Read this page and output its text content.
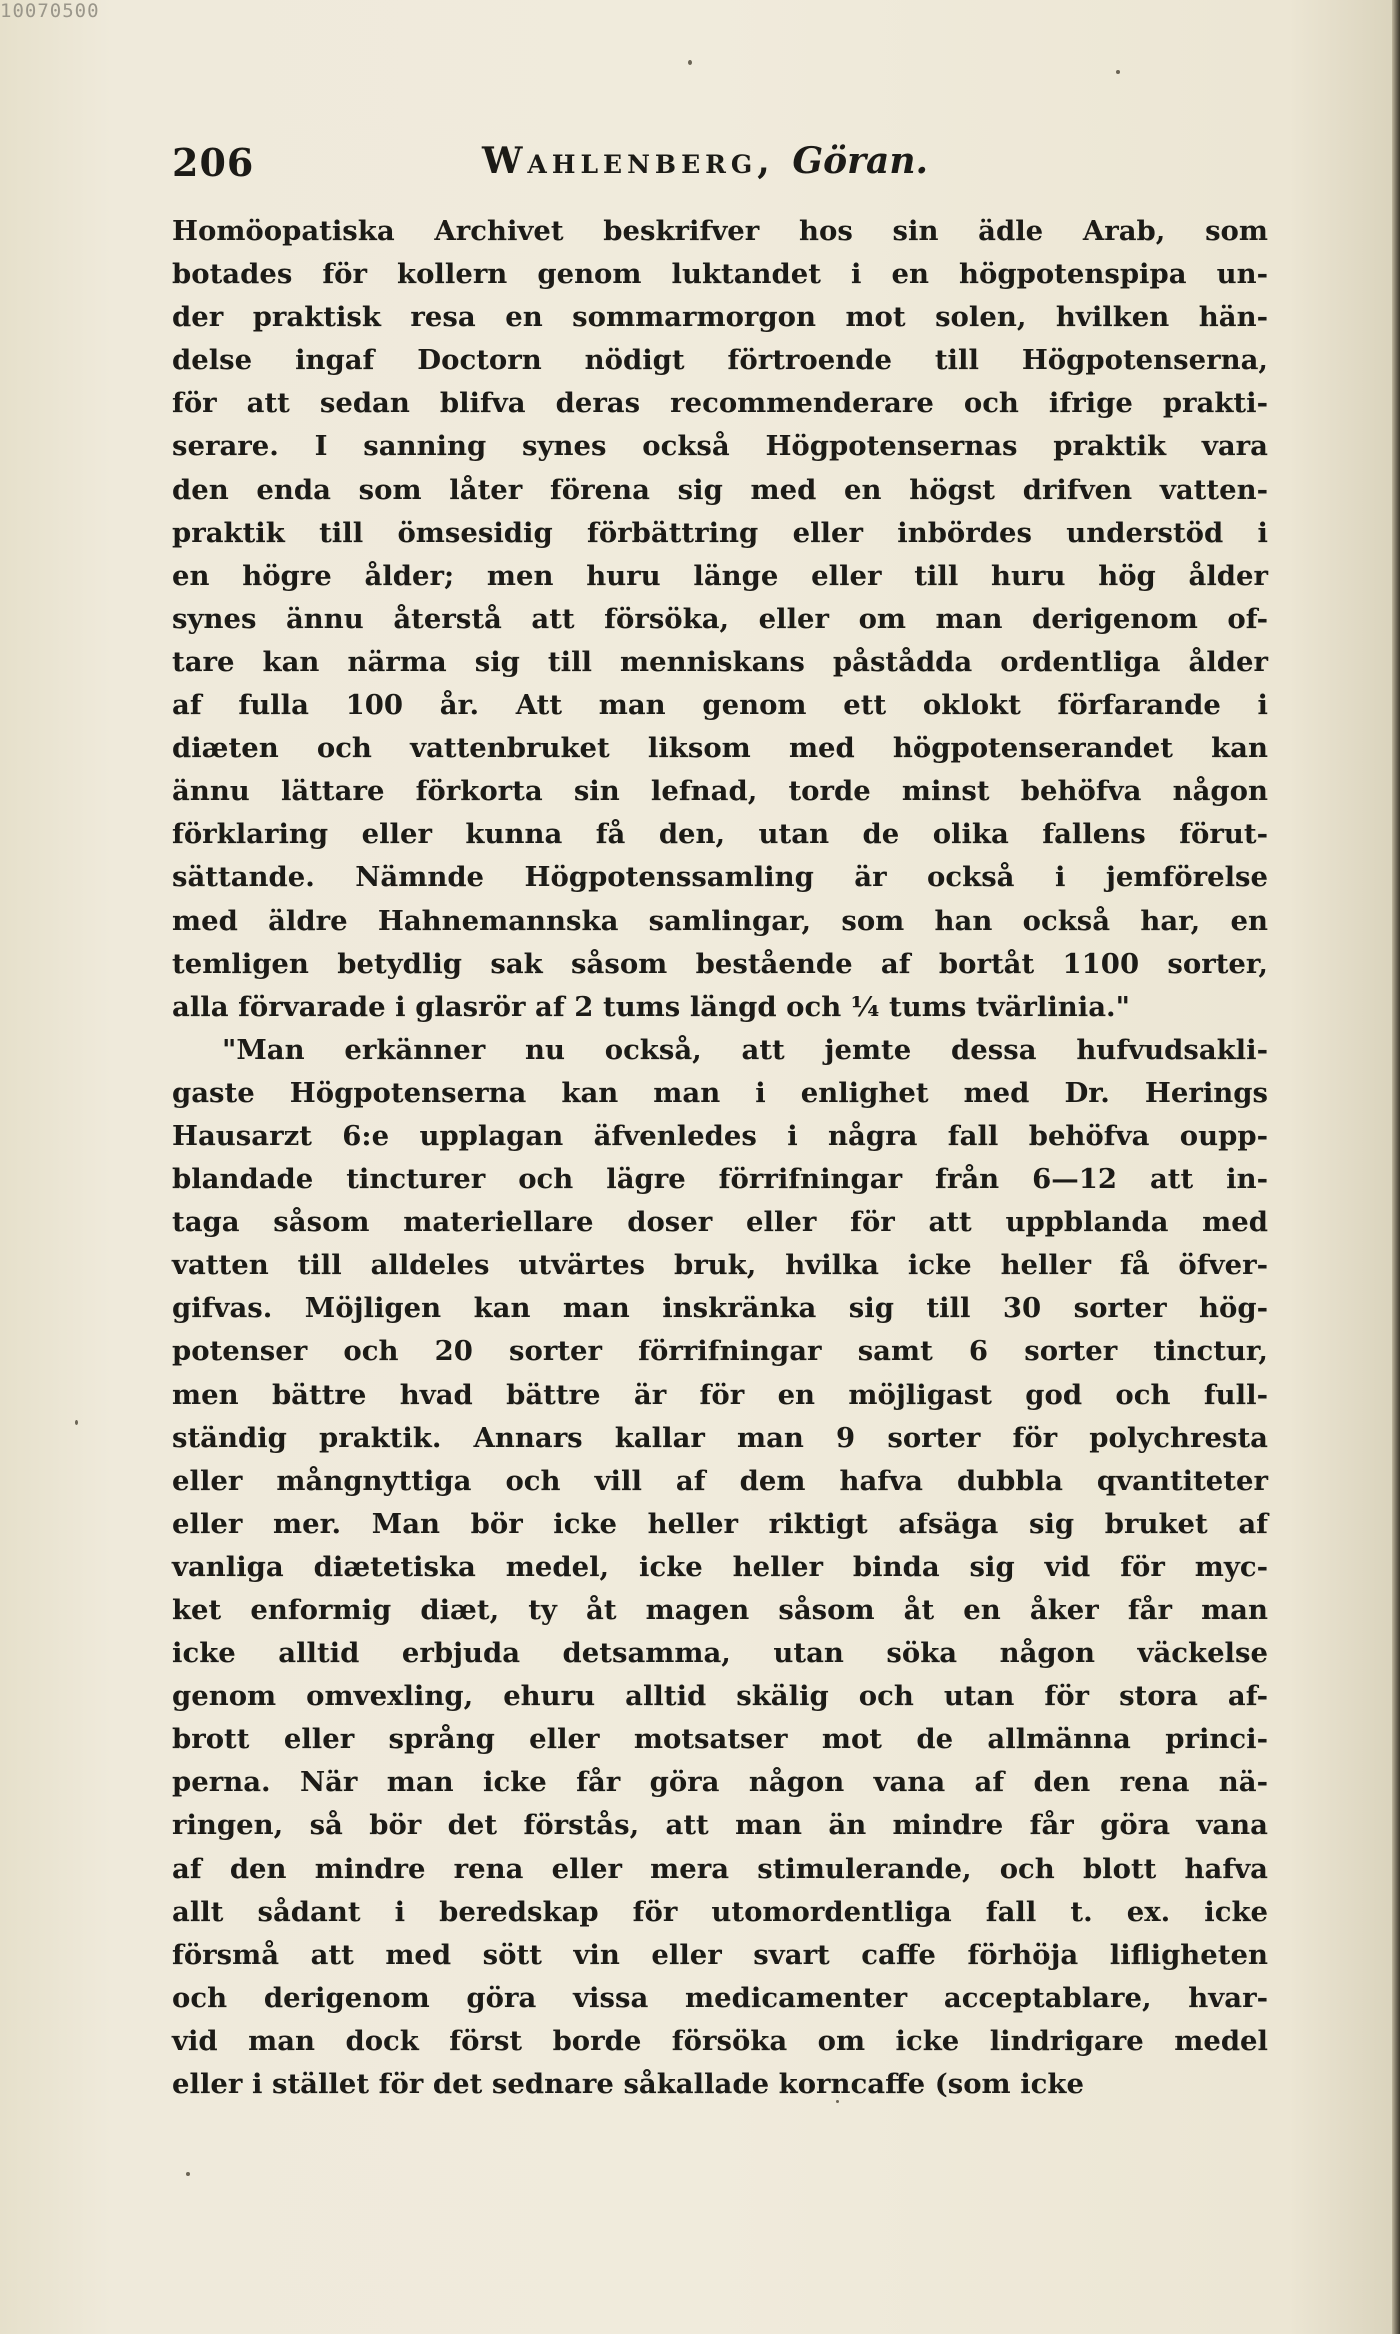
10070500
206	Wahlenberg, Göran.
Homöopatiska Archivet beskrifver hos sin ädle Arab, som
botades för kollern genom luktandet i en högpotenspipa un-
der praktisk resa en sommarmorgon mot solen, hvilken hän-
delse ingaf Doctorn nödigt förtroende till Högpotenserna,
för att sedan blifva deras recommenderare och ifrige prakti-
serare. I sanning synes också Högpotensernas praktik vara
den enda som låter förena sig med en högst drifven vatten-
praktik till ömsesidig förbättring eller inbördes understöd i
en högre ålder; men huru länge eller till huru hög ålder
synes ännu återstå att försöka, eller om man derigenom of-
tare kan närma sig till menniskans påstådda ordentliga ålder
af fulla 100 år. Att man genom ett oklokt förfarande i
diæten och vattenbruket liksom med högpotenserandet kan
ännu lättare förkorta sin lefnad, torde minst behöfva någon
förklaring eller kunna få den, utan de olika fallens förut-
sättande. Nämnde Högpotenssamling är också i jemförelse
med äldre Hahnemannska samlingar, som han också har, en
temligen betydlig sak såsom bestående af bortåt 1100 sorter,
alla förvarade i glasrör af 2 tums längd och ¼ tums tvärlinia."
"Man erkänner nu också, att jemte dessa hufvudsakli-
gaste Högpotenserna kan man i enlighet med Dr. Herings
Hausarzt 6:e upplagan äfvenledes i några fall behöfva oupp-
blandade tincturer och lägre förrifningar från 6—12 att in-
taga såsom materiellare doser eller för att uppblanda med
vatten till alldeles utvärtes bruk, hvilka icke heller få öfver-
gifvas. Möjligen kan man inskränka sig till 30 sorter hög-
potenser och 20 sorter förrifningar samt 6 sorter tinctur,
men bättre hvad bättre är för en möjligast god och full-
ständig praktik. Annars kallar man 9 sorter för polychresta
eller mångnyttiga och vill af dem hafva dubbla qvantiteter
eller mer. Man bör icke heller riktigt afsäga sig bruket af
vanliga diætetiska medel, icke heller binda sig vid för myc-
ket enformig diæt, ty åt magen såsom åt en åker får man
icke alltid erbjuda detsamma, utan söka någon väckelse
genom omvexling, ehuru alltid skälig och utan för stora af-
brott eller språng eller motsatser mot de allmänna princi-
perna. När man icke får göra någon vana af den rena nä-
ringen, så bör det förstås, att man än mindre får göra vana
af den mindre rena eller mera stimulerande, och blott hafva
allt sådant i beredskap för utomordentliga fall t. ex. icke
försmå att med sött vin eller svart caffe förhöja lifligheten
och derigenom göra vissa medicamenter acceptablare, hvar-
vid man dock först borde försöka om icke lindrigare medel
eller i stället för det sednare såkallade korncaffe (som icke
